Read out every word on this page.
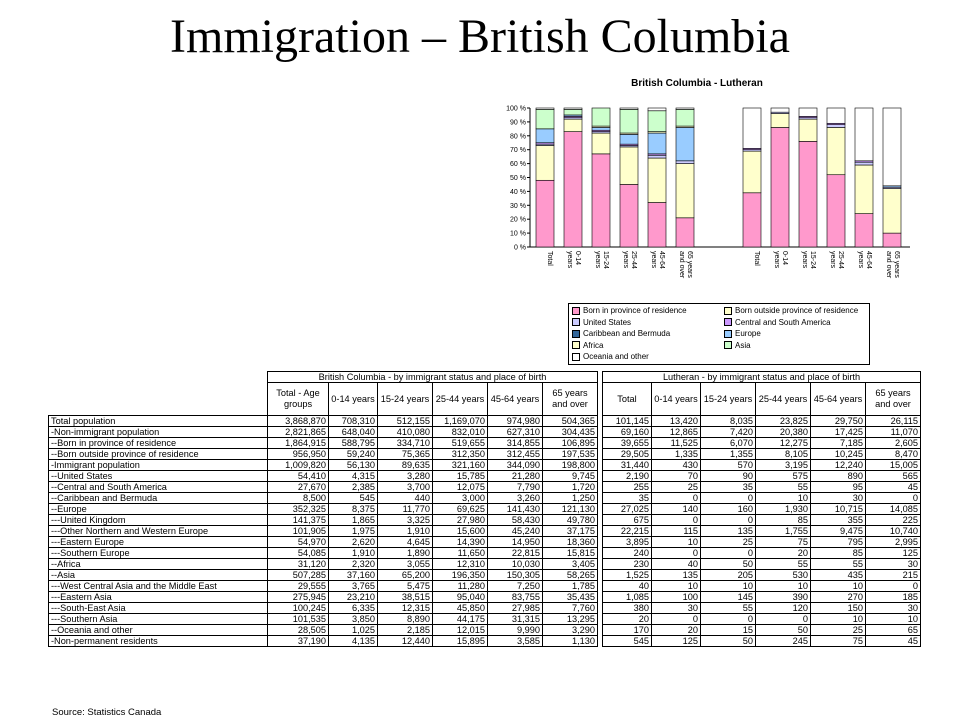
Immigration – British Columbia
British Columbia - Lutheran
0 %
10 %
20 %
30 %
40 %
50 %
60 %
70 %
80 %
90 %
100 %
Total	0-14years	15-24years	25-44years	45-64years	65 yearsand over	Total	0-14years	15-24years	25-44years	45-64years	65 yearsand over
Born in province of residence	Born outside province of residence
United States	Central and South America
Caribbean and Bermuda	Europe
Africa	Asia
Oceania and other
	British Columbia - by immigrant status and place of birth							Lutheran - by immigrant status and place of birth					
	Total - Age groups	0-14 years	15-24 years	25-44 years	45-64 years	65 years and over		Total	0-14 years	15-24 years	25-44 years	45-64 years	65 years and over
Total population	3,868,870	708,310	512,155	1,169,070	974,980	504,365		101,145	13,420	8,035	23,825	29,750	26,115
-Non-immigrant population	2,821,865	648,040	410,080	832,010	627,310	304,435		69,160	12,865	7,420	20,380	17,425	11,070
--Born in province of residence	1,864,915	588,795	334,710	519,655	314,855	106,895		39,655	11,525	6,070	12,275	7,185	2,605
--Born outside province of residence	956,950	59,240	75,365	312,350	312,455	197,535		29,505	1,335	1,355	8,105	10,245	8,470
-Immigrant population	1,009,820	56,130	89,635	321,160	344,090	198,800		31,440	430	570	3,195	12,240	15,005
--United States	54,410	4,315	3,280	15,785	21,280	9,745		2,190	70	90	575	890	565
--Central and South America	27,670	2,385	3,700	12,075	7,790	1,720		255	25	35	55	95	45
--Caribbean and Bermuda	8,500	545	440	3,000	3,260	1,250		35	0	0	10	30	0
--Europe	352,325	8,375	11,770	69,625	141,430	121,130		27,025	140	160	1,930	10,715	14,085
---United Kingdom	141,375	1,865	3,325	27,980	58,430	49,780		675	0	0	85	355	225
---Other Northern and Western Europe	101,905	1,975	1,910	15,600	45,240	37,175		22,215	115	135	1,755	9,475	10,740
---Eastern Europe	54,970	2,620	4,645	14,390	14,950	18,360		3,895	10	25	75	795	2,995
---Southern Europe	54,085	1,910	1,890	11,650	22,815	15,815		240	0	0	20	85	125
--Africa	31,120	2,320	3,055	12,310	10,030	3,405		230	40	50	55	55	30
--Asia	507,285	37,160	65,200	196,350	150,305	58,265		1,525	135	205	530	435	215
---West Central Asia and the Middle East	29,555	3,765	5,475	11,280	7,250	1,785		40	10	10	10	10	0
---Eastern Asia	275,945	23,210	38,515	95,040	83,755	35,435		1,085	100	145	390	270	185
---South-East Asia	100,245	6,335	12,315	45,850	27,985	7,760		380	30	55	120	150	30
---Southern Asia	101,535	3,850	8,890	44,175	31,315	13,295		20	0	0	0	10	10
--Oceania and other	28,505	1,025	2,185	12,015	9,990	3,290		170	20	15	50	25	65
-Non-permanent residents	37,190	4,135	12,440	15,895	3,585	1,130		545	125	50	245	75	45
Source: Statistics Canada
